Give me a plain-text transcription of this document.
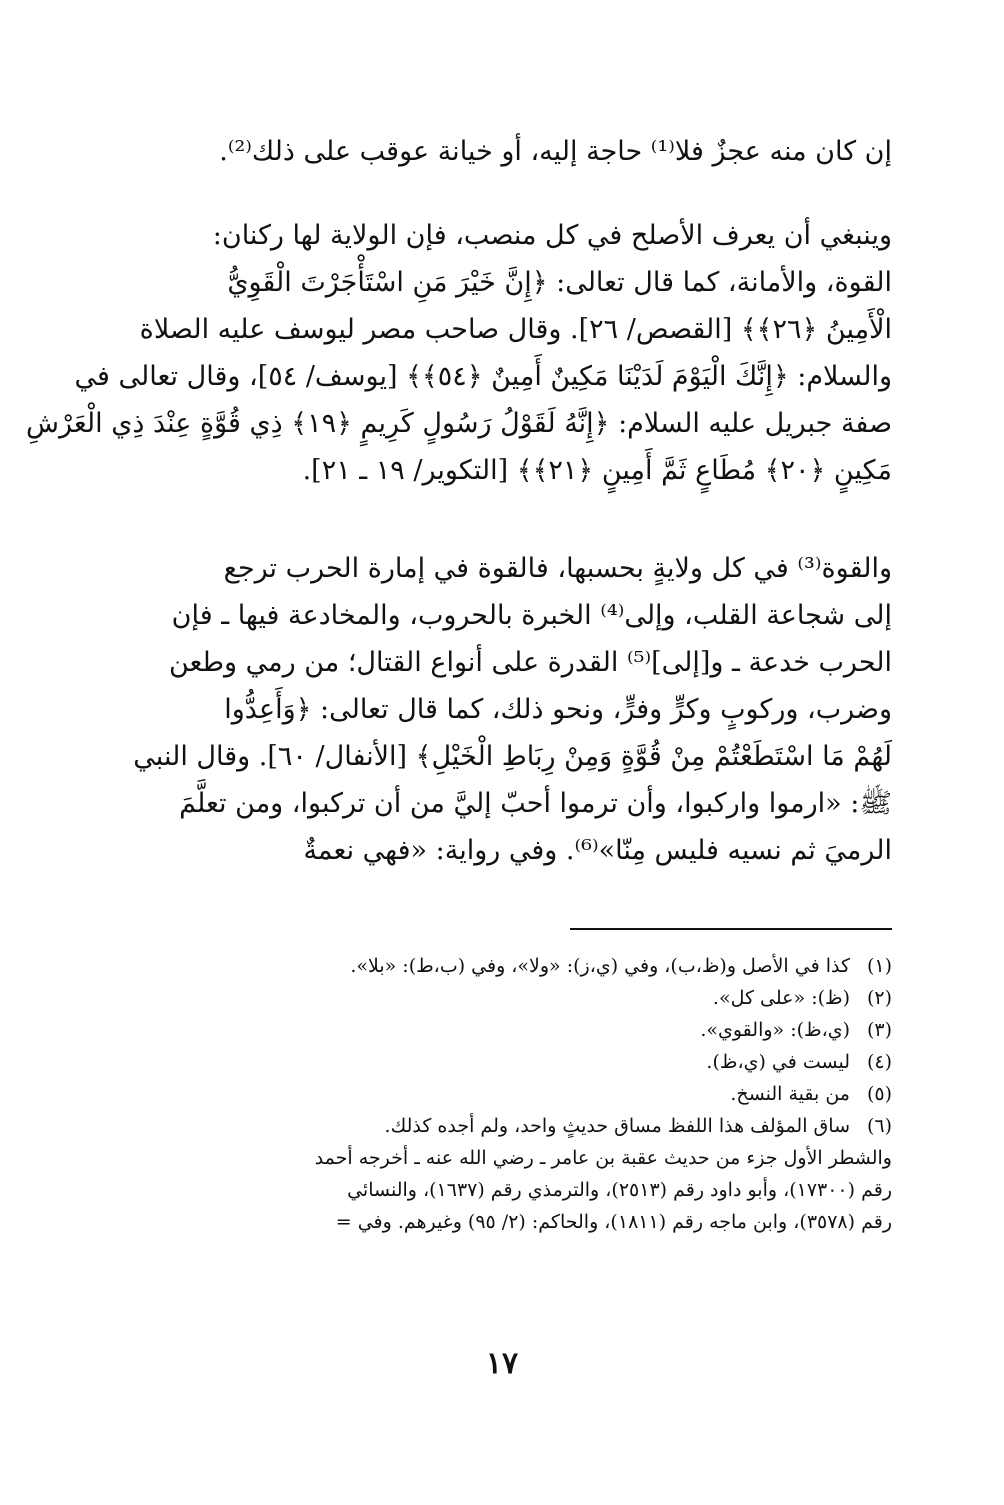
إن كان منه عجزٌ فلا⁽¹⁾ حاجة إليه، أو خيانة عوقب على ذلك⁽²⁾.
وينبغي أن يعرف الأصلح في كل منصب، فإن الولاية لها ركنان:
القوة، والأمانة، كما قال تعالى: ﴿إِنَّ خَيْرَ مَنِ اسْتَأْجَرْتَ الْقَوِيُّ
الْأَمِينُ ﴿٢٦﴾﴾ [القصص/ ٢٦]. وقال صاحب مصر ليوسف عليه الصلاة
والسلام: ﴿إِنَّكَ الْيَوْمَ لَدَيْنَا مَكِينٌ أَمِينٌ ﴿٥٤﴾﴾ [يوسف/ ٥٤]، وقال تعالى في
صفة جبريل عليه السلام: ﴿إِنَّهُ لَقَوْلُ رَسُولٍ كَرِيمٍ ﴿١٩﴾ ذِي قُوَّةٍ عِنْدَ ذِي الْعَرْشِ
مَكِينٍ ﴿٢٠﴾ مُطَاعٍ ثَمَّ أَمِينٍ ﴿٢١﴾﴾ [التكوير/ ١٩ ـ ٢١].
والقوة⁽³⁾ في كل ولايةٍ بحسبها، فالقوة في إمارة الحرب ترجع
إلى شجاعة القلب، وإلى⁽⁴⁾ الخبرة بالحروب، والمخادعة فيها ـ فإن
الحرب خدعة ـ و[إلى]⁽⁵⁾ القدرة على أنواع القتال؛ من رمي وطعن
وضرب، وركوبٍ وكرٍّ وفرٍّ، ونحو ذلك، كما قال تعالى: ﴿وَأَعِدُّوا
لَهُمْ مَا اسْتَطَعْتُمْ مِنْ قُوَّةٍ وَمِنْ رِبَاطِ الْخَيْلِ﴾ [الأنفال/ ٦٠]. وقال النبي
ﷺ: «ارموا واركبوا، وأن ترموا أحبّ إليَّ من أن تركبوا، ومن تعلَّمَ
الرميَ ثم نسيه فليس مِنّا»⁽⁶⁾. وفي رواية: «فهي نعمةٌ
(١)
كذا في الأصل و(ظ،ب)، وفي (ي،ز): «ولا»، وفي (ب،ط): «بلا».
(٢)
(ظ): «على كل».
(٣)
(ي،ظ): «والقوي».
(٤)
ليست في (ي،ظ).
(٥)
من بقية النسخ.
(٦)
ساق المؤلف هذا اللفظ مساق حديثٍ واحد، ولم أجده كذلك.
والشطر الأول جزء من حديث عقبة بن عامر ـ رضي الله عنه ـ أخرجه أحمد
رقم (١٧٣٠٠)، وأبو داود رقم (٢٥١٣)، والترمذي رقم (١٦٣٧)، والنسائي
رقم (٣٥٧٨)، وابن ماجه رقم (١٨١١)، والحاكم: (٢/ ٩٥) وغيرهم. وفي =
١٧
